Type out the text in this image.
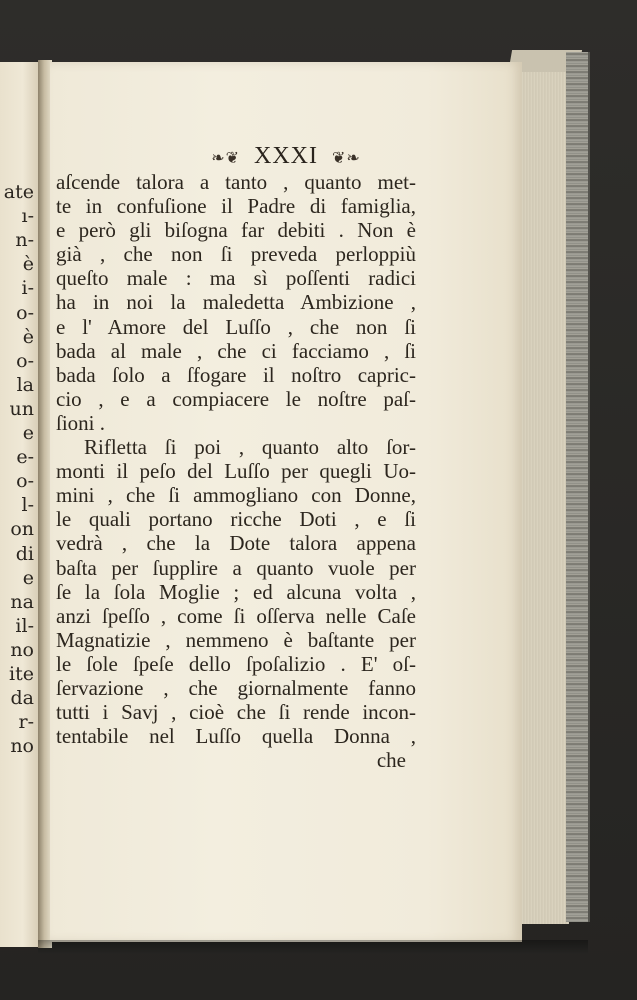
ate
ı-
n-
è
i-
o-
è
o-
la
un
e
e-
o-
l-
on
di
e
na
il-
no
ite
da
r-
no
❧❦ XXXI ❦❧
aſcende talora a tanto , quanto met-
te in confuſione il Padre di famiglia,
e però gli biſogna far debiti . Non è
già , che non ſi preveda perloppiù
queſto male : ma sì poſſenti radici
ha in noi la maledetta Ambizione ,
e l' Amore del Luſſo , che non ſi
bada al male , che ci facciamo , ſi
bada ſolo a ſfogare il noſtro capric-
cio , e a compiacere le noſtre paſ-
ſioni .
Rifletta ſi poi , quanto alto ſor-
monti il peſo del Luſſo per quegli Uo-
mini , che ſi ammogliano con Donne,
le quali portano ricche Doti , e ſi
vedrà , che la Dote talora appena
baſta per ſupplire a quanto vuole per
ſe la ſola Moglie ; ed alcuna volta ,
anzi ſpeſſo , come ſi oſſerva nelle Caſe
Magnatizie , nemmeno è baſtante per
le ſole ſpeſe dello ſpoſalizio . E' oſ-
ſervazione , che giornalmente fanno
tutti i Savj , cioè che ſi rende incon-
tentabile nel Luſſo quella Donna ,
che
